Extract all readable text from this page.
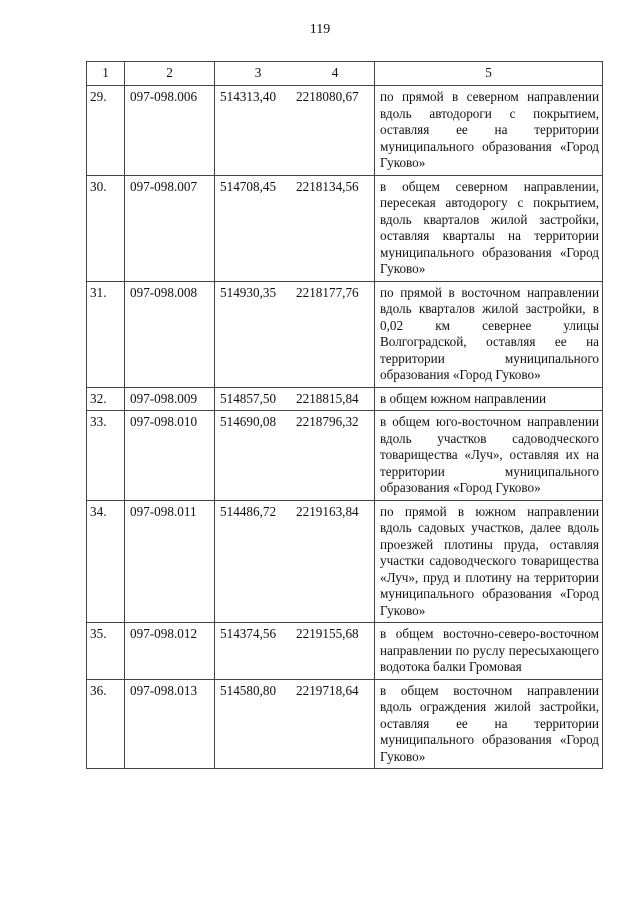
119
1	2	3 4	5
29.	097-098.006	514313,40 2218080,67	по прямой в северном направлении вдоль автодороги с покрытием, оставляя ее на территории муниципального образования «Город Гуково»
30.	097-098.007	514708,45 2218134,56	в общем северном направлении, пересекая автодорогу с покрытием, вдоль кварталов жилой застройки, оставляя кварталы на территории муниципального образования «Город Гуково»
31.	097-098.008	514930,35 2218177,76	по прямой в восточном направлении вдоль кварталов жилой застройки, в 0,02 км севернее улицы Волгоградской, оставляя ее на территории муниципального образования «Город Гуково»
32.	097-098.009	514857,50 2218815,84	в общем южном направлении
33.	097-098.010	514690,08 2218796,32	в общем юго-восточном направлении вдоль участков садоводческого товарищества «Луч», оставляя их на территории муниципального образования «Город Гуково»
34.	097-098.011	514486,72 2219163,84	по прямой в южном направлении вдоль садовых участков, далее вдоль проезжей плотины пруда, оставляя участки садоводческого товарищества «Луч», пруд и плотину на территории муниципального образования «Город Гуково»
35.	097-098.012	514374,56 2219155,68	в общем восточно-северо-восточном направлении по руслу пересыхающего водотока балки Громовая
36.	097-098.013	514580,80 2219718,64	в общем восточном направлении вдоль ограждения жилой застройки, оставляя ее на территории муниципального образования «Город Гуково»
